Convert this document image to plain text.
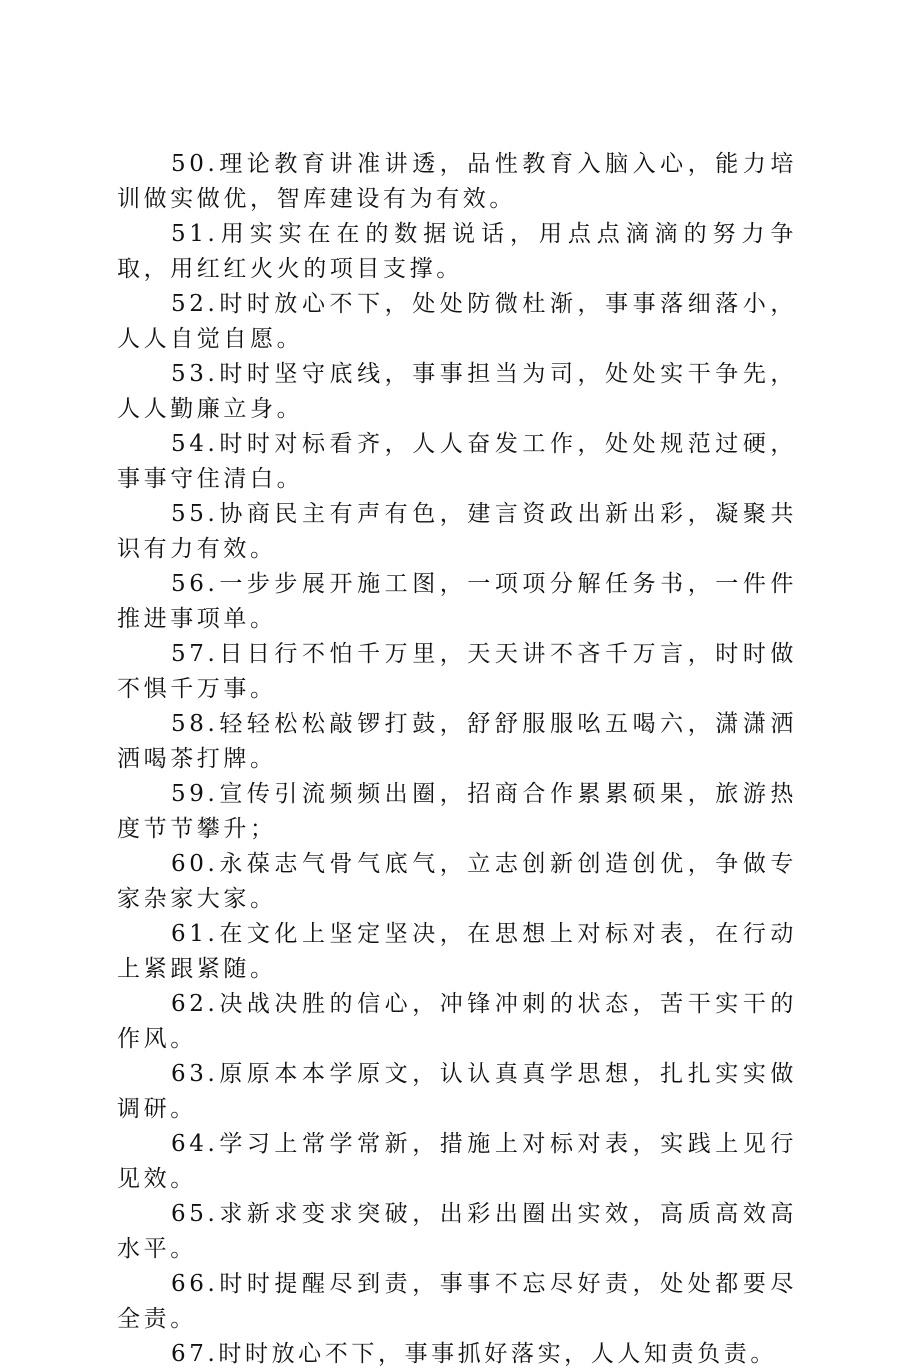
50.理论教育讲准讲透，品性教育入脑入心，能力培训做实做优，智库建设有为有效。

51.用实实在在的数据说话，用点点滴滴的努力争取，用红红火火的项目支撑。

52.时时放心不下，处处防微杜渐，事事落细落小，人人自觉自愿。

53.时时坚守底线，事事担当为司，处处实干争先，人人勤廉立身。

54.时时对标看齐，人人奋发工作，处处规范过硬，事事守住清白。

55.协商民主有声有色，建言资政出新出彩，凝聚共识有力有效。

56.一步步展开施工图，一项项分解任务书，一件件推进事项单。

57.日日行不怕千万里，天天讲不吝千万言，时时做不惧千万事。

58.轻轻松松敲锣打鼓，舒舒服服吆五喝六，潇潇洒洒喝茶打牌。

59.宣传引流频频出圈，招商合作累累硕果，旅游热度节节攀升；

60.永葆志气骨气底气，立志创新创造创优，争做专家杂家大家。

61.在文化上坚定坚决，在思想上对标对表，在行动上紧跟紧随。

62.决战决胜的信心，冲锋冲刺的状态，苦干实干的作风。

63.原原本本学原文，认认真真学思想，扎扎实实做调研。

64.学习上常学常新，措施上对标对表，实践上见行见效。

65.求新求变求突破，出彩出圈出实效，高质高效高水平。

66.时时提醒尽到责，事事不忘尽好责，处处都要尽全责。

67.时时放心不下，事事抓好落实，人人知责负责。
